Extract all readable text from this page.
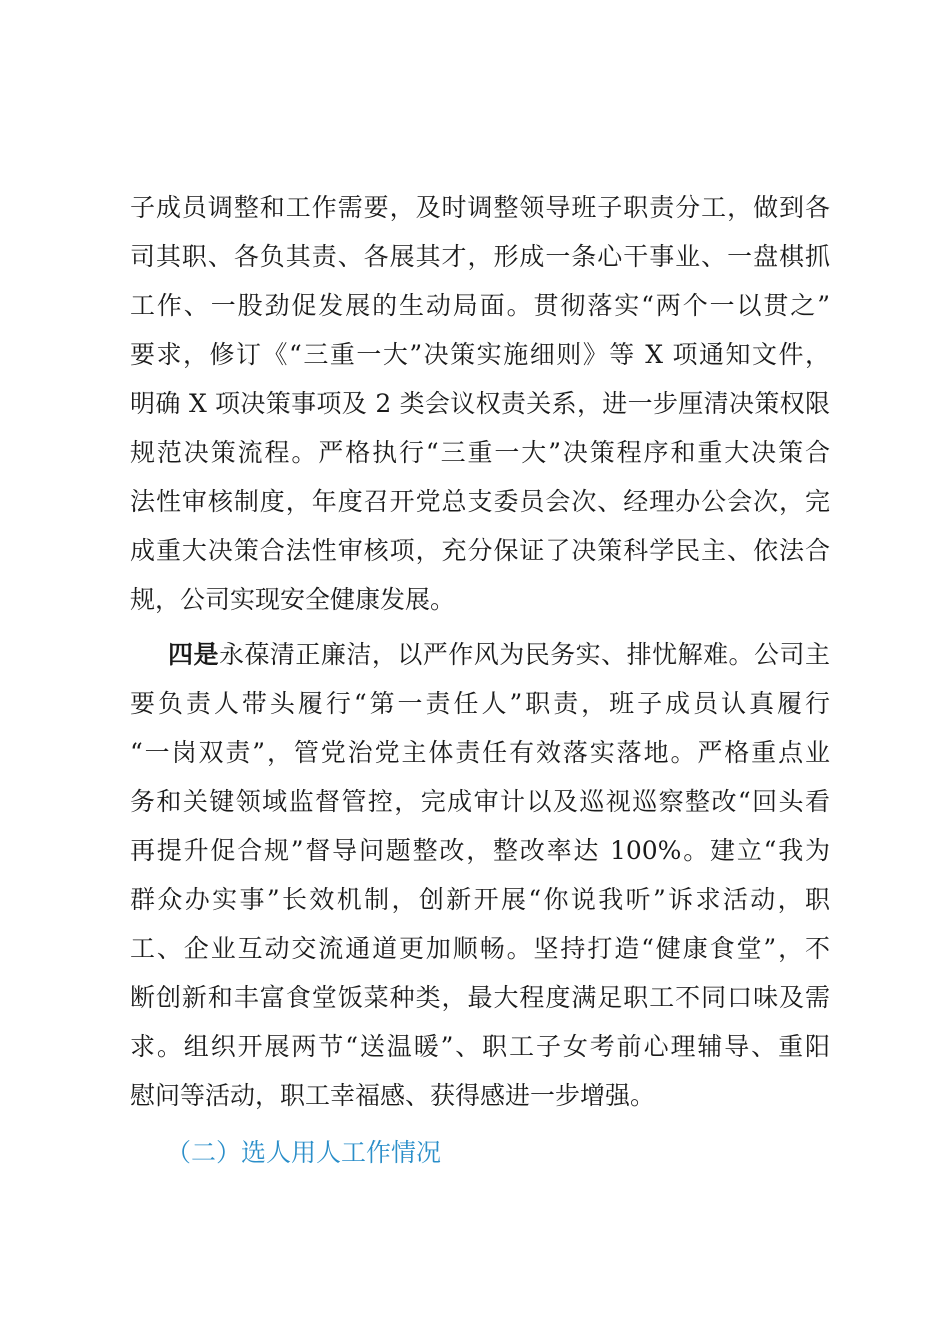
子成员调整和工作需要，及时调整领导班子职责分工，做到各
司其职、各负其责、各展其才，形成一条心干事业、一盘棋抓
工作、一股劲促发展的生动局面。贯彻落实“两个一以贯之”
要求，修订《“三重一大”决策实施细则》等 X 项通知文件，
明确 X 项决策事项及 2 类会议权责关系，进一步厘清决策权限
规范决策流程。严格执行“三重一大”决策程序和重大决策合
法性审核制度，年度召开党总支委员会次、经理办公会次，完
成重大决策合法性审核项，充分保证了决策科学民主、依法合
规，公司实现安全健康发展。
四是永葆清正廉洁，以严作风为民务实、排忧解难。公司主
要负责人带头履行“第一责任人”职责，班子成员认真履行
“一岗双责”，管党治党主体责任有效落实落地。严格重点业
务和关键领域监督管控，完成审计以及巡视巡察整改“回头看
再提升促合规”督导问题整改，整改率达 100%。建立“我为
群众办实事”长效机制，创新开展“你说我听”诉求活动，职
工、企业互动交流通道更加顺畅。坚持打造“健康食堂”，不
断创新和丰富食堂饭菜种类，最大程度满足职工不同口味及需
求。组织开展两节“送温暖”、职工子女考前心理辅导、重阳
慰问等活动，职工幸福感、获得感进一步增强。
（二）选人用人工作情况
